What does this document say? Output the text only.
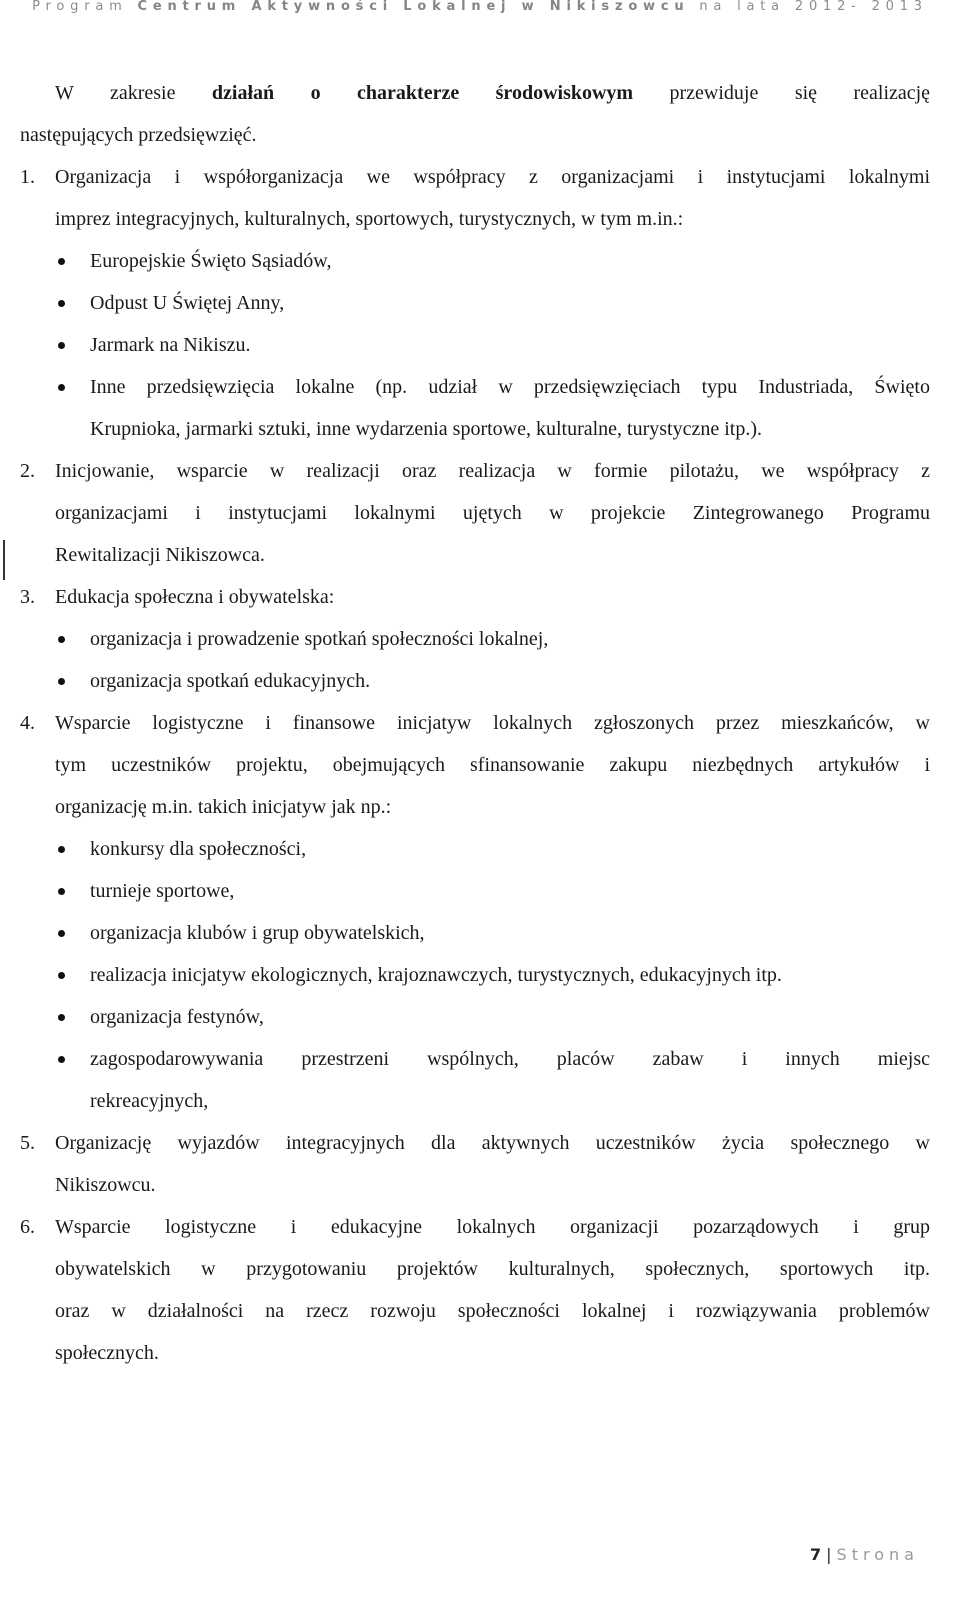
Program Centrum Aktywności Lokalnej w Nikiszowcu na lata 2012- 2013
W zakresie działań o charakterze środowiskowym przewiduje się realizację
następujących przedsięwzięć.
1.	Organizacja i współorganizacja we współpracy z organizacjami i instytucjami lokalnymi
imprez integracyjnych, kulturalnych, sportowych, turystycznych, w tym m.in.:
Europejskie Święto Sąsiadów,
Odpust U Świętej Anny,
Jarmark na Nikiszu.
Inne przedsięwzięcia lokalne (np. udział w przedsięwzięciach typu Industriada, Święto
Krupnioka, jarmarki sztuki, inne wydarzenia sportowe, kulturalne, turystyczne itp.).
2.	Inicjowanie, wsparcie w realizacji oraz realizacja w formie pilotażu, we współpracy z
organizacjami i instytucjami lokalnymi ujętych w projekcie Zintegrowanego Programu
Rewitalizacji Nikiszowca.
3. Edukacja społeczna i obywatelska:
organizacja i prowadzenie spotkań społeczności lokalnej,
organizacja spotkań edukacyjnych.
4.	Wsparcie logistyczne i finansowe inicjatyw lokalnych zgłoszonych przez mieszkańców, w
tym uczestników projektu, obejmujących sfinansowanie zakupu niezbędnych artykułów i
organizację m.in. takich inicjatyw jak np.:
konkursy dla społeczności,
turnieje sportowe,
organizacja klubów i grup obywatelskich,
realizacja inicjatyw ekologicznych, krajoznawczych, turystycznych, edukacyjnych itp.
organizacja festynów,
zagospodarowywania przestrzeni wspólnych, placów zabaw i innych miejsc
rekreacyjnych,
5.	Organizację wyjazdów integracyjnych dla aktywnych uczestników życia społecznego w
Nikiszowcu.
6.	Wsparcie logistyczne i edukacyjne lokalnych organizacji pozarządowych i grup
obywatelskich w przygotowaniu projektów kulturalnych, społecznych, sportowych itp.
oraz w działalności na rzecz rozwoju społeczności lokalnej i rozwiązywania problemów
społecznych.
7 | Strona
